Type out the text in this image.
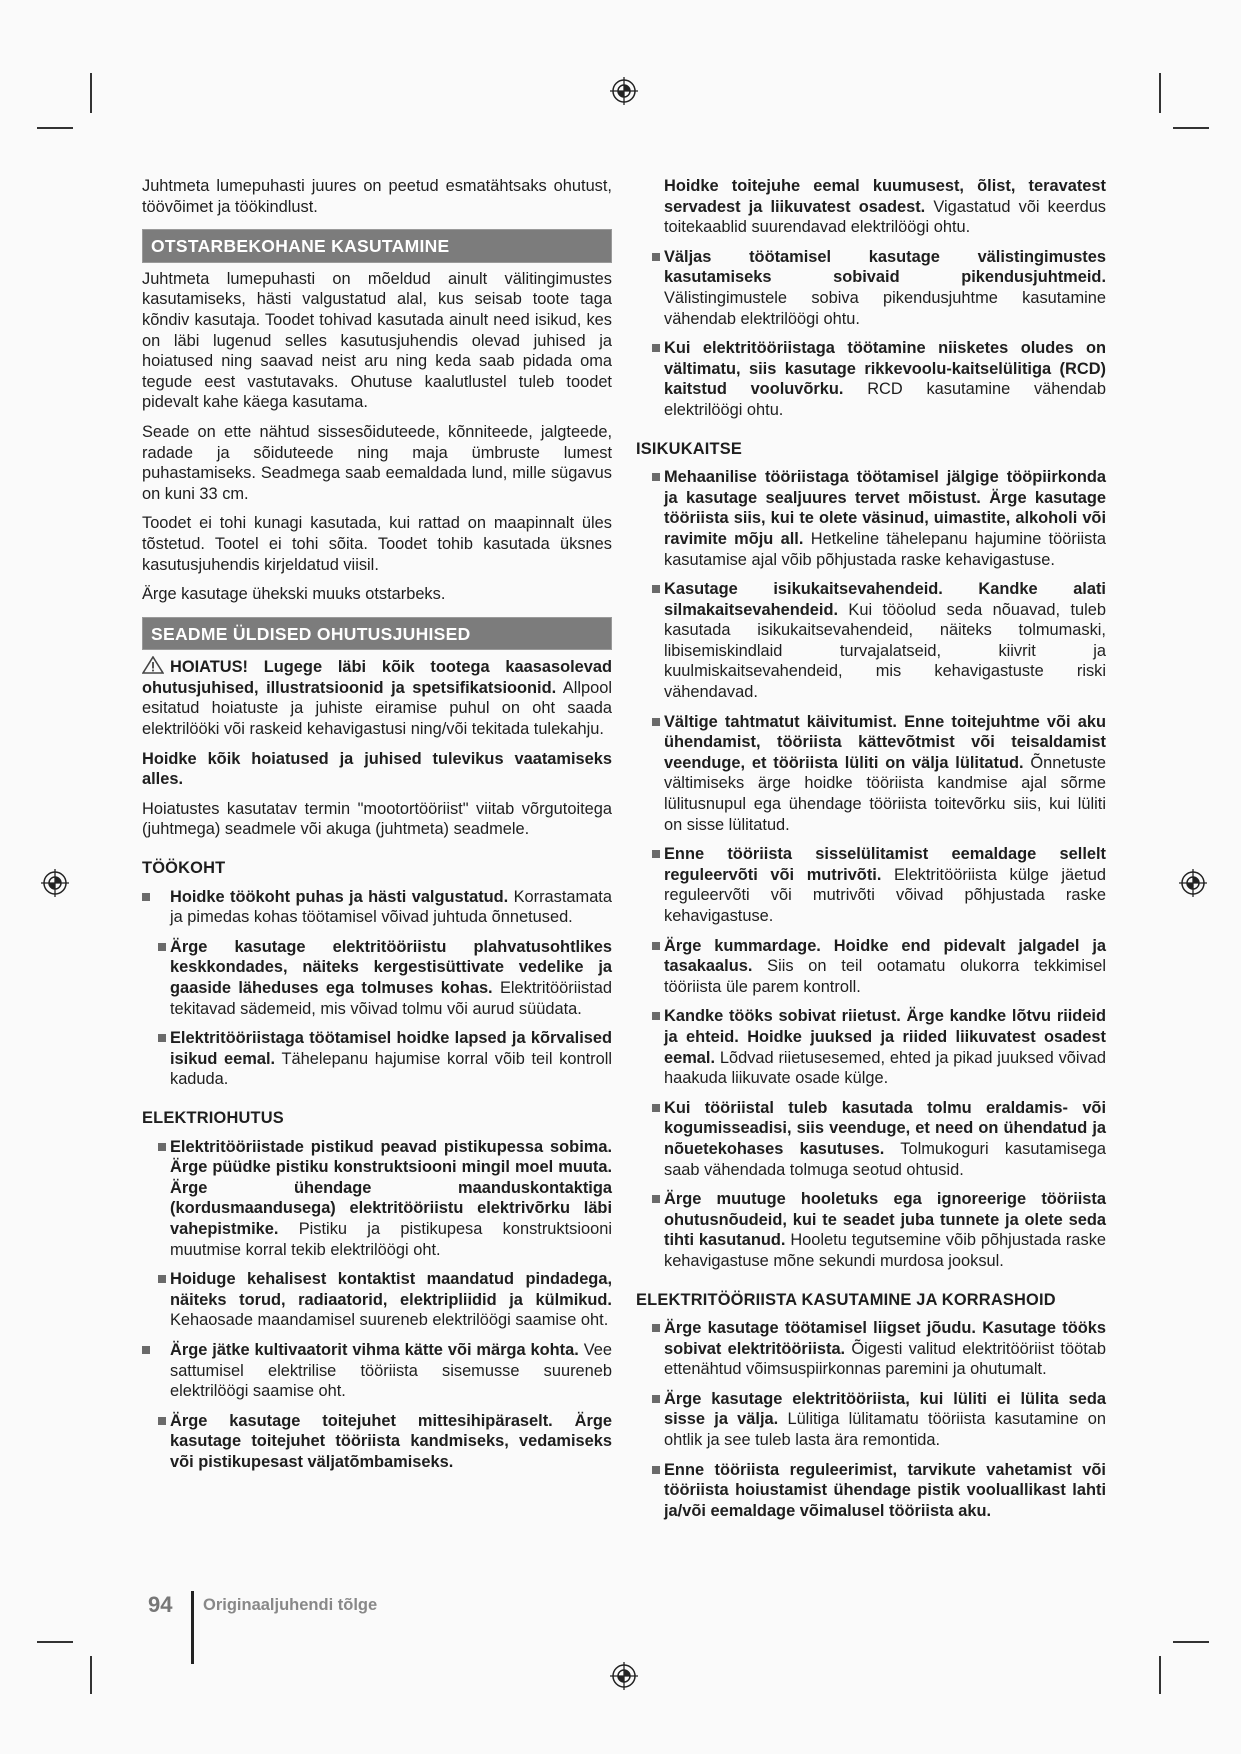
Juhtmeta lumepuhasti juures on peetud esmatähtsaks ohutust, töövõimet ja töökindlust.
OTSTARBEKOHANE KASUTAMINE
Juhtmeta lumepuhasti on mõeldud ainult välitingimustes kasutamiseks, hästi valgustatud alal, kus seisab toote taga kõndiv kasutaja. Toodet tohivad kasutada ainult need isikud, kes on läbi lugenud selles kasutusjuhendis olevad juhised ja hoiatused ning saavad neist aru ning keda saab pidada oma tegude eest vastutavaks. Ohutuse kaalutlustel tuleb toodet pidevalt kahe käega kasutama.
Seade on ette nähtud sissesõiduteede, kõnniteede, jalgteede, radade ja sõiduteede ning maja ümbruste lumest puhastamiseks. Seadmega saab eemaldada lund, mille sügavus on kuni 33 cm.
Toodet ei tohi kunagi kasutada, kui rattad on maapinnalt üles tõstetud. Tootel ei tohi sõita. Toodet tohib kasutada üksnes kasutusjuhendis kirjeldatud viisil.
Ärge kasutage ühekski muuks otstarbeks.
SEADME ÜLDISED OHUTUSJUHISED
HOIATUS! Lugege läbi kõik tootega kaasasolevad ohutusjuhised, illustratsioonid ja spetsifikatsioonid. Allpool esitatud hoiatuste ja juhiste eiramise puhul on oht saada elektrilööki või raskeid kehavigastusi ning/või tekitada tulekahju.
Hoidke kõik hoiatused ja juhised tulevikus vaatamiseks alles.
Hoiatustes kasutatav termin "mootortööriist" viitab võrgutoitega (juhtmega) seadmele või akuga (juhtmeta) seadmele.
TÖÖKOHT
Hoidke töökoht puhas ja hästi valgustatud. Korrastamata ja pimedas kohas töötamisel võivad juhtuda õnnetused.
Ärge kasutage elektritööriistu plahvatusohtlikes keskkondades, näiteks kergestisüttivate vedelike ja gaaside läheduses ega tolmuses kohas. Elektritööriistad tekitavad sädemeid, mis võivad tolmu või aurud süüdata.
Elektritööriistaga töötamisel hoidke lapsed ja kõrvalised isikud eemal. Tähelepanu hajumise korral võib teil kontroll kaduda.
ELEKTRIOHUTUS
Elektritööriistade pistikud peavad pistikupessa sobima. Ärge püüdke pistiku konstruktsiooni mingil moel muuta. Ärge ühendage maanduskontaktiga (kordusmaandusega) elektritööriistu elektrivõrku läbi vahepistmike. Pistiku ja pistikupesa konstruktsiooni muutmise korral tekib elektrilöögi oht.
Hoiduge kehalisest kontaktist maandatud pindadega, näiteks torud, radiaatorid, elektripliidid ja külmikud. Kehaosade maandamisel suureneb elektrilöögi saamise oht.
Ärge jätke kultivaatorit vihma kätte või märga kohta. Vee sattumisel elektrilise tööriista sisemusse suureneb elektrilöögi saamise oht.
Ärge kasutage toitejuhet mittesihipäraselt. Ärge kasutage toitejuhet tööriista kandmiseks, vedamiseks või pistikupesast väljatõmbamiseks.
Hoidke toitejuhe eemal kuumusest, õlist, teravatest servadest ja liikuvatest osadest. Vigastatud või keerdus toitekaablid suurendavad elektrilöögi ohtu.
Väljas töötamisel kasutage välistingimustes kasutamiseks sobivaid pikendusjuhtmeid. Välistingimustele sobiva pikendusjuhtme kasutamine vähendab elektrilöögi ohtu.
Kui elektritööriistaga töötamine niisketes oludes on vältimatu, siis kasutage rikkevoolu-kaitselülitiga (RCD) kaitstud vooluvõrku. RCD kasutamine vähendab elektrilöögi ohtu.
ISIKUKAITSE
Mehaanilise tööriistaga töötamisel jälgige tööpiirkonda ja kasutage sealjuures tervet mõistust. Ärge kasutage tööriista siis, kui te olete väsinud, uimastite, alkoholi või ravimite mõju all. Hetkeline tähelepanu hajumine tööriista kasutamise ajal võib põhjustada raske kehavigastuse.
Kasutage isikukaitsevahendeid. Kandke alati silmakaitsevahendeid. Kui tööolud seda nõuavad, tuleb kasutada isikukaitsevahendeid, näiteks tolmumaski, libisemiskindlaid turvajalatseid, kiivrit ja kuulmiskaitsevahendeid, mis kehavigastuste riski vähendavad.
Vältige tahtmatut käivitumist. Enne toitejuhtme või aku ühendamist, tööriista kättevõtmist või teisaldamist veenduge, et tööriista lüliti on välja lülitatud. Õnnetuste vältimiseks ärge hoidke tööriista kandmise ajal sõrme lülitusnupul ega ühendage tööriista toitevõrku siis, kui lüliti on sisse lülitatud.
Enne tööriista sisselülitamist eemaldage sellelt reguleervõti või mutrivõti. Elektritööriista külge jäetud reguleervõti või mutrivõti võivad põhjustada raske kehavigastuse.
Ärge kummardage. Hoidke end pidevalt jalgadel ja tasakaalus. Siis on teil ootamatu olukorra tekkimisel tööriista üle parem kontroll.
Kandke tööks sobivat riietust. Ärge kandke lõtvu riideid ja ehteid. Hoidke juuksed ja riided liikuvatest osadest eemal. Lõdvad riietusesemed, ehted ja pikad juuksed võivad haakuda liikuvate osade külge.
Kui tööriistal tuleb kasutada tolmu eraldamis- või kogumisseadisi, siis veenduge, et need on ühendatud ja nõuetekohases kasutuses. Tolmukoguri kasutamisega saab vähendada tolmuga seotud ohtusid.
Ärge muutuge hooletuks ega ignoreerige tööriista ohutusnõudeid, kui te seadet juba tunnete ja olete seda tihti kasutanud. Hooletu tegutsemine võib põhjustada raske kehavigastuse mõne sekundi murdosa jooksul.
ELEKTRITÖÖRIISTA KASUTAMINE JA KORRASHOID
Ärge kasutage töötamisel liigset jõudu. Kasutage tööks sobivat elektritööriista. Õigesti valitud elektritööriist töötab ettenähtud võimsuspiirkonnas paremini ja ohutumalt.
Ärge kasutage elektritööriista, kui lüliti ei lülita seda sisse ja välja. Lülitiga lülitamatu tööriista kasutamine on ohtlik ja see tuleb lasta ära remontida.
Enne tööriista reguleerimist, tarvikute vahetamist või tööriista hoiustamist ühendage pistik vooluallikast lahti ja/või eemaldage võimalusel tööriista aku.
94 Originaaljuhendi tõlge
